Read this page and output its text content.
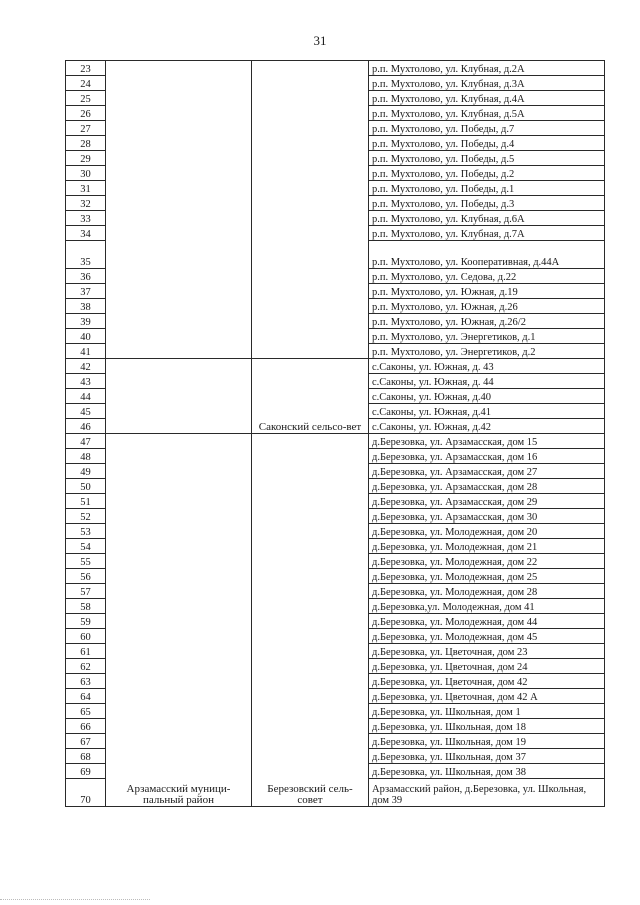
31
23			р.п. Мухтолово, ул. Клубная, д.2А
24			р.п. Мухтолово, ул. Клубная, д.3А
25			р.п. Мухтолово, ул. Клубная, д.4А
26			р.п. Мухтолово, ул. Клубная, д.5А
27			р.п. Мухтолово, ул. Победы, д.7
28			р.п. Мухтолово, ул. Победы, д.4
29			р.п. Мухтолово, ул. Победы, д.5
30			р.п. Мухтолово, ул. Победы, д.2
31			р.п. Мухтолово, ул. Победы, д.1
32			р.п. Мухтолово, ул. Победы, д.3
33			р.п. Мухтолово, ул. Клубная, д.6А
34			р.п. Мухтолово, ул. Клубная, д.7А
35			р.п. Мухтолово, ул. Кооперативная, д.44А
36			р.п. Мухтолово, ул. Седова, д.22
37			р.п. Мухтолово, ул. Южная, д.19
38			р.п. Мухтолово, ул. Южная, д.26
39			р.п. Мухтолово, ул. Южная, д.26/2
40			р.п. Мухтолово, ул. Энергетиков, д.1
41			р.п. Мухтолово, ул. Энергетиков, д.2
42		Саконский сельсо-вет	с.Саконы, ул. Южная, д. 43
43			с.Саконы, ул. Южная, д. 44
44			с.Саконы, ул. Южная, д.40
45			с.Саконы, ул. Южная, д.41
46			с.Саконы, ул. Южная, д.42
47	Арзамасский муници-пальный район	Березовский сель-совет	д.Березовка, ул. Арзамасская, дом 15
48			д.Березовка, ул. Арзамасская, дом 16
49			д.Березовка, ул. Арзамасская, дом 27
50			д.Березовка, ул. Арзамасская, дом 28
51			д.Березовка, ул. Арзамасская, дом 29
52			д.Березовка, ул. Арзамасская, дом 30
53			д.Березовка, ул. Молодежная, дом 20
54			д.Березовка, ул. Молодежная, дом 21
55			д.Березовка, ул. Молодежная, дом 22
56			д.Березовка, ул. Молодежная, дом 25
57			д.Березовка, ул. Молодежная, дом 28
58			д.Березовка,ул. Молодежная, дом 41
59			д.Березовка, ул. Молодежная, дом 44
60			д.Березовка, ул. Молодежная, дом 45
61			д.Березовка, ул. Цветочная, дом 23
62			д.Березовка, ул. Цветочная, дом 24
63			д.Березовка, ул. Цветочная, дом 42
64			д.Березовка, ул. Цветочная, дом 42 А
65			д.Березовка, ул. Школьная, дом 1
66			д.Березовка, ул. Школьная, дом 18
67			д.Березовка, ул. Школьная, дом 19
68			д.Березовка, ул. Школьная, дом 37
69			д.Березовка, ул. Школьная, дом 38
70			Арзамасский район, д.Березовка, ул. Школьная, дом 39
